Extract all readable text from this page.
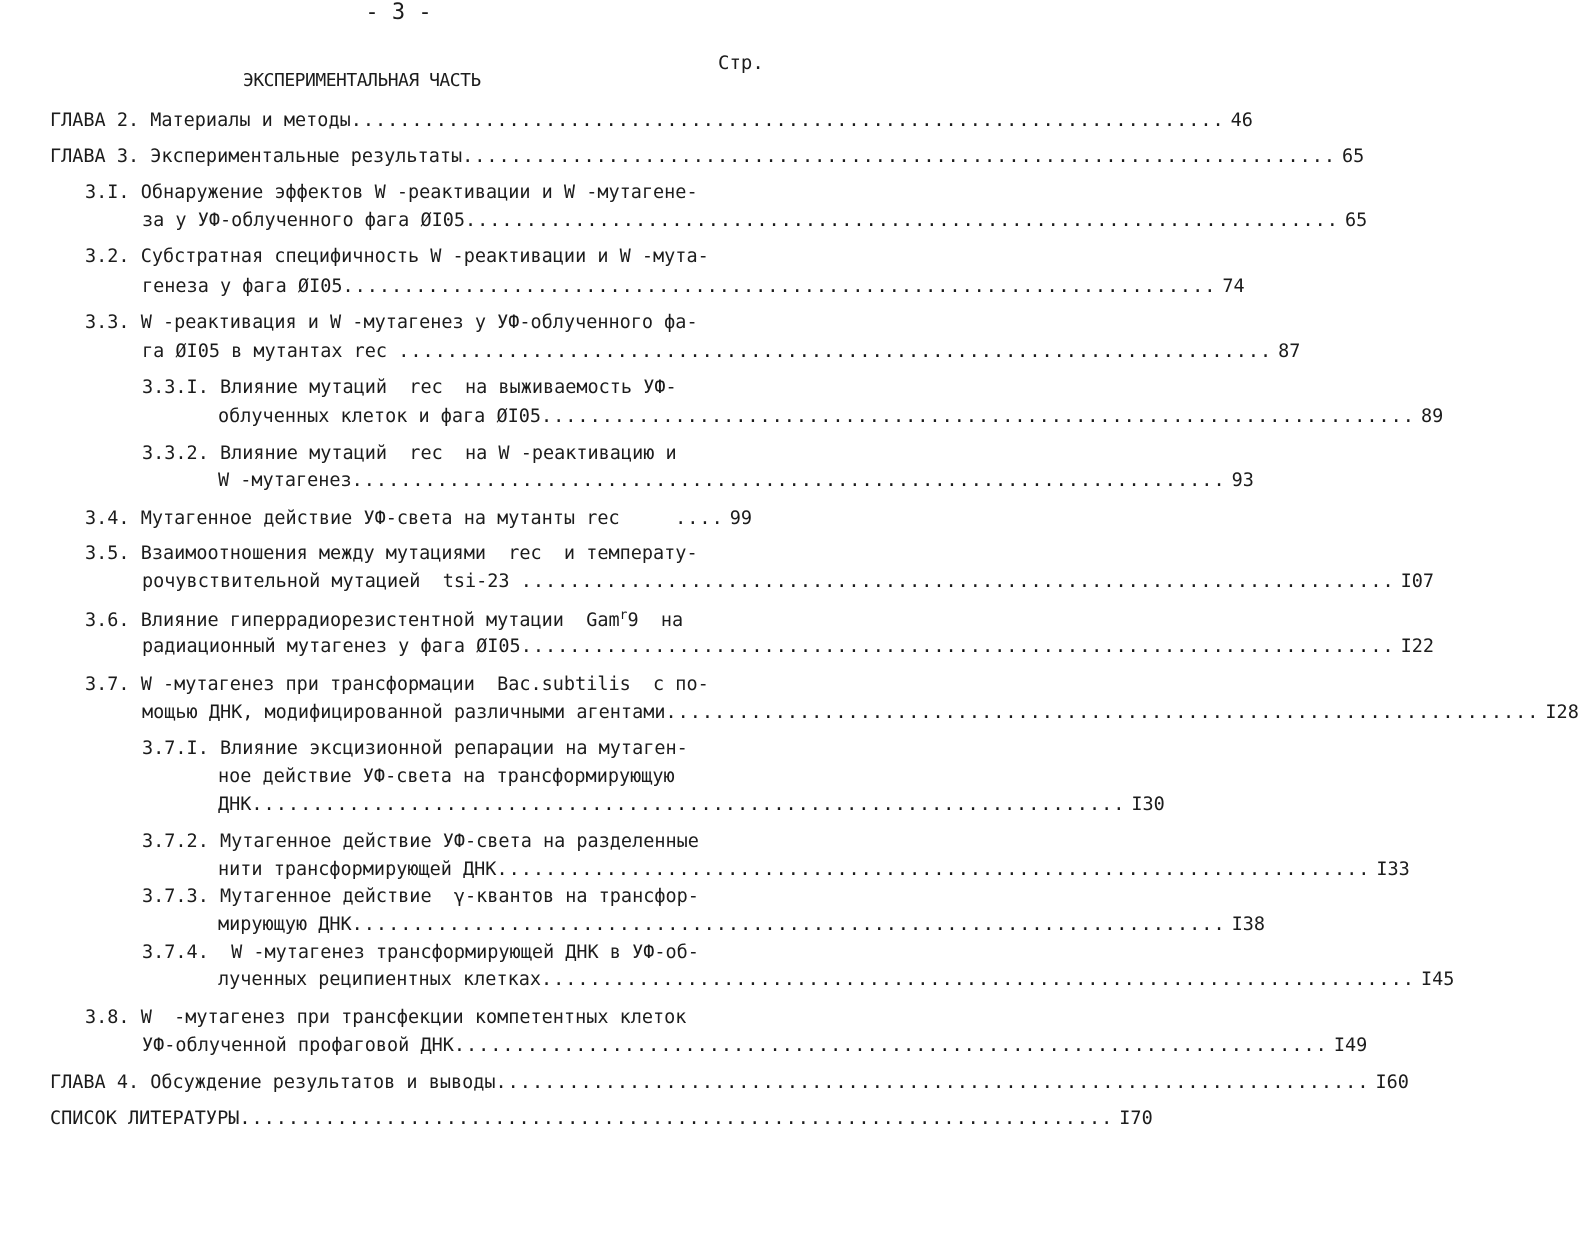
- 3 -
ЭКСПЕРИМЕНТАЛЬНАЯ ЧАСТЬ
Стр.
ГЛАВА 2. Материалы и методы ........................................................................ 46
ГЛАВА 3. Экспериментальные результаты ........................................................................ 65
3.I. Обнаружение эффектов W -реактивации и W -мутагене-
за у УФ-облученного фага ØI05 ........................................................................ 65
3.2. Субстратная специфичность W -реактивации и W -мута-
генеза у фага ØI05 ........................................................................ 74
3.3. W -реактивация и W -мутагенез у УФ-облученного фа-
га ØI05 в мутантах rec ........................................................................ 87
3.3.I. Влияние мутаций  rec  на выживаемость УФ-
облученных клеток и фага ØI05 ........................................................................ 89
3.3.2. Влияние мутаций  rec  на W -реактивацию и
W -мутагенез ........................................................................ 93
3.4. Мутагенное действие УФ-света на мутанты rec	.... 99
3.5. Взаимоотношения между мутациями  rec  и температу-
рочувствительной мутацией  tsi-23 ........................................................................ I07
3.6. Влияние гиперрадиорезистентной мутации  Gam$^r$9  на
радиационный мутагенез у фага ØI05 ........................................................................ I22
3.7. W -мутагенез при трансформации  Bac.subtilis  с по-
мощью ДНК, модифицированной различными агентами ........................................................................ I28
3.7.I. Влияние эксцизионной репарации на мутаген-
ное действие УФ-света на трансформирующую
ДНК ........................................................................ I30
3.7.2. Мутагенное действие УФ-света на разделенные
нити трансформирующей ДНК ........................................................................ I33
3.7.3. Мутагенное действие  γ-квантов на трансфор-
мирующую ДНК ........................................................................ I38
3.7.4.  W -мутагенез трансформирующей ДНК в УФ-об-
лученных реципиентных клетках ........................................................................ I45
3.8. W  -мутагенез при трансфекции компетентных клеток
УФ-облученной профаговой ДНК ........................................................................ I49
ГЛАВА 4. Обсуждение результатов и выводы ........................................................................ I60
СПИСОК ЛИТЕРАТУРЫ ........................................................................ I70
